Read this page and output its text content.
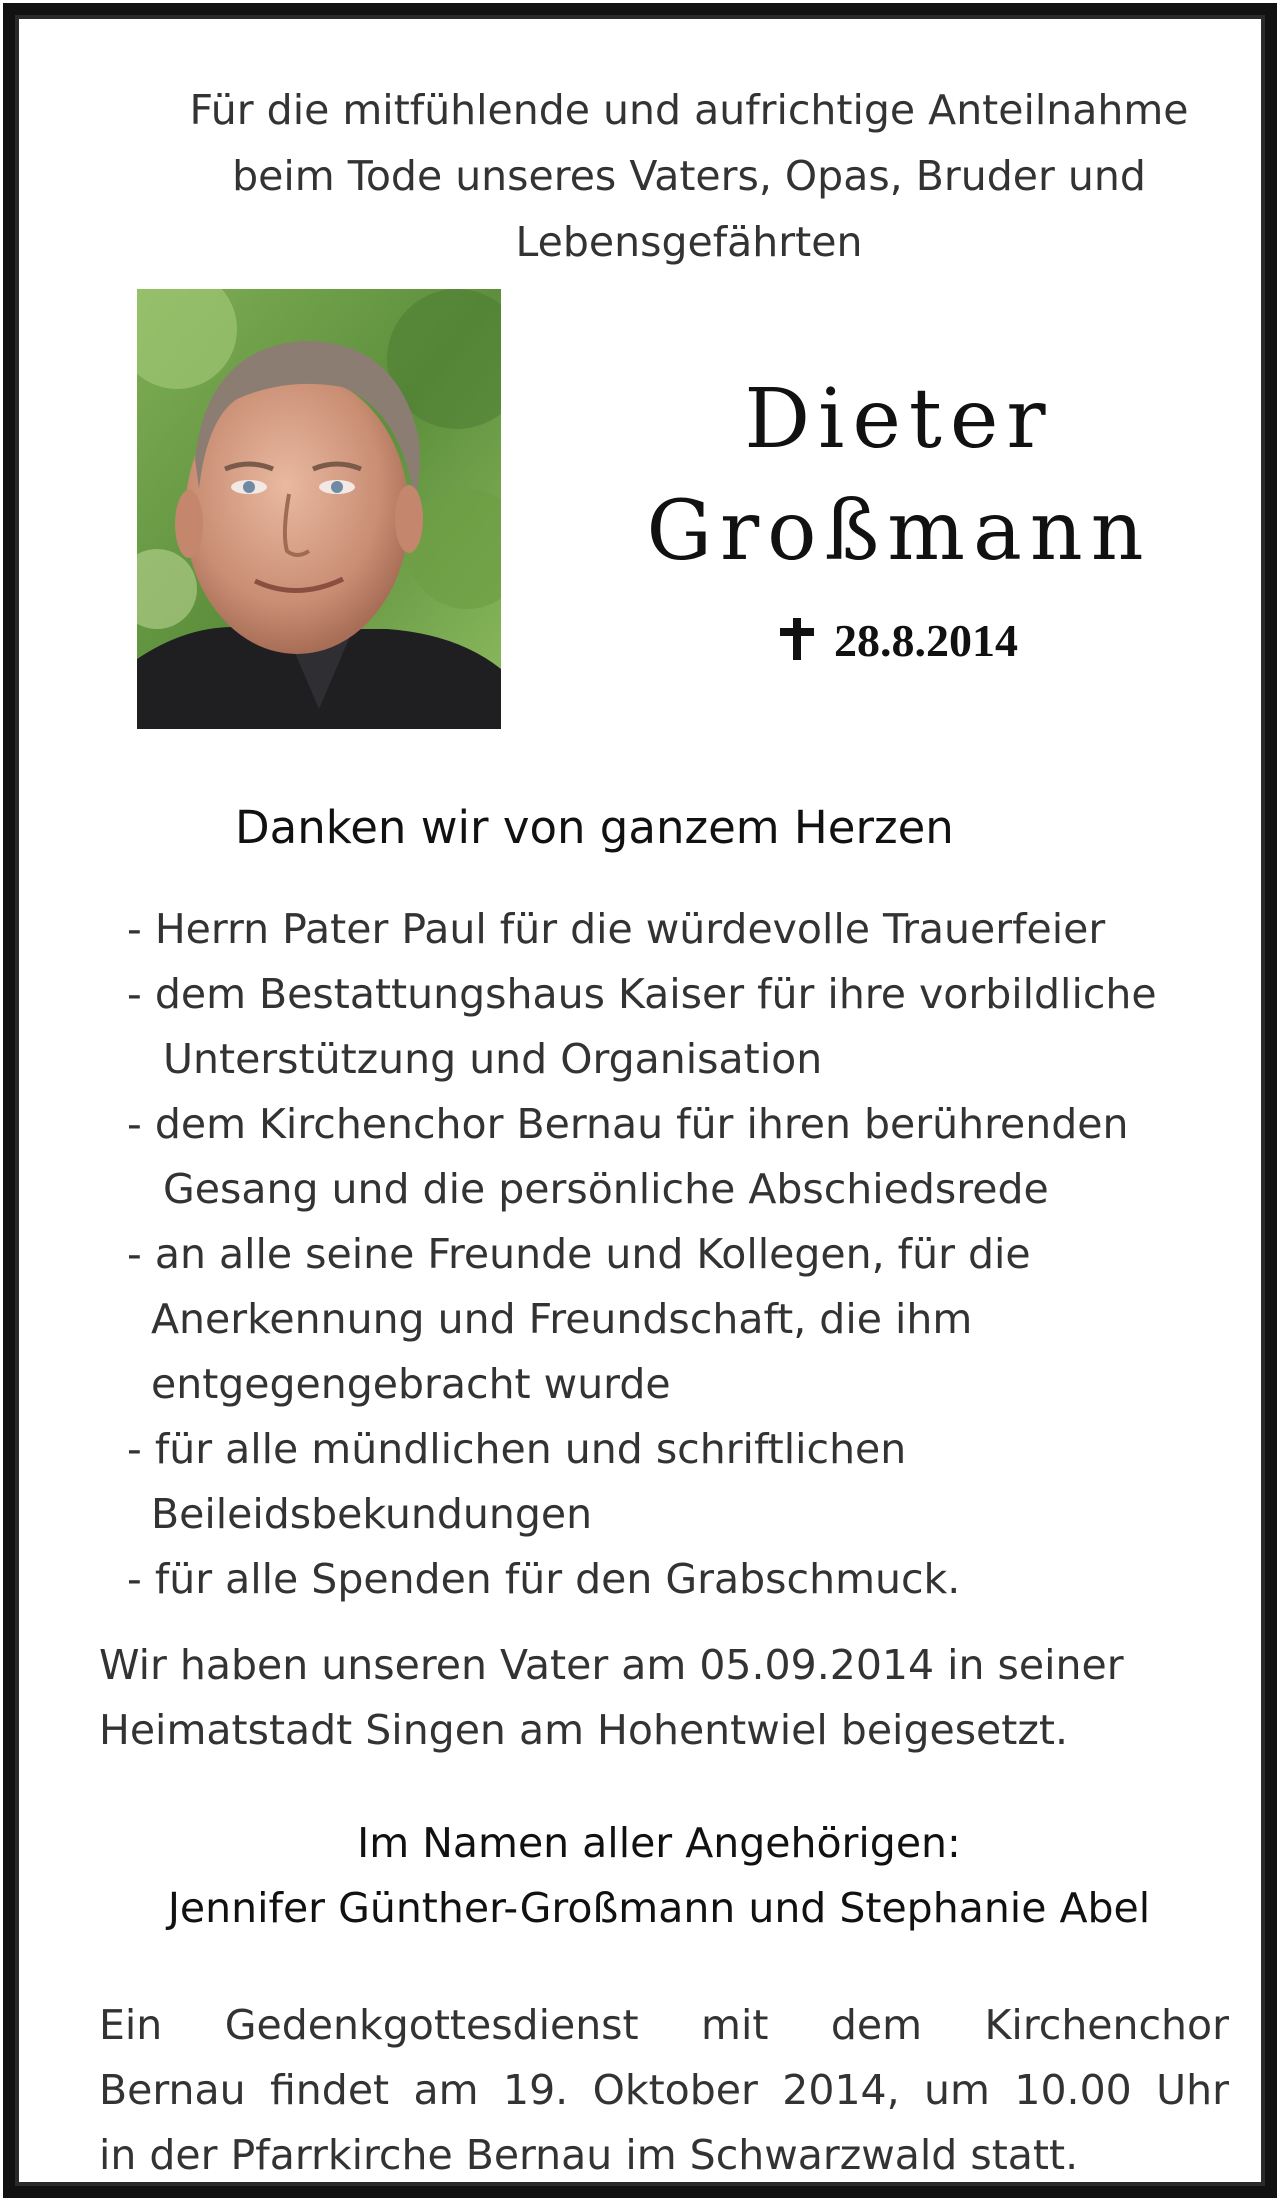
Für die mitfühlende und aufrichtige Anteilnahme
beim Tode unseres Vaters, Opas, Bruder und
Lebensgefährten
Dieter
Großmann
28.8.2014
Danken wir von ganzem Herzen
- Herrn Pater Paul für die würdevolle Trauerfeier
- dem Bestattungshaus Kaiser für ihre vorbildliche
Unterstützung und Organisation
- dem Kirchenchor Bernau für ihren berührenden
Gesang und die persönliche Abschiedsrede
- an alle seine Freunde und Kollegen, für die
Anerkennung und Freundschaft, die ihm
entgegengebracht wurde
- für alle mündlichen und schriftlichen
Beileidsbekundungen
- für alle Spenden für den Grabschmuck.
Wir haben unseren Vater am 05.09.2014 in seiner
Heimatstadt Singen am Hohentwiel beigesetzt.
Im Namen aller Angehörigen:
Jennifer Günther-Großmann und Stephanie Abel
Ein Gedenkgottesdienst mit dem Kirchenchor
Bernau findet am 19. Oktober 2014, um 10.00 Uhr
in der Pfarrkirche Bernau im Schwarzwald statt.
